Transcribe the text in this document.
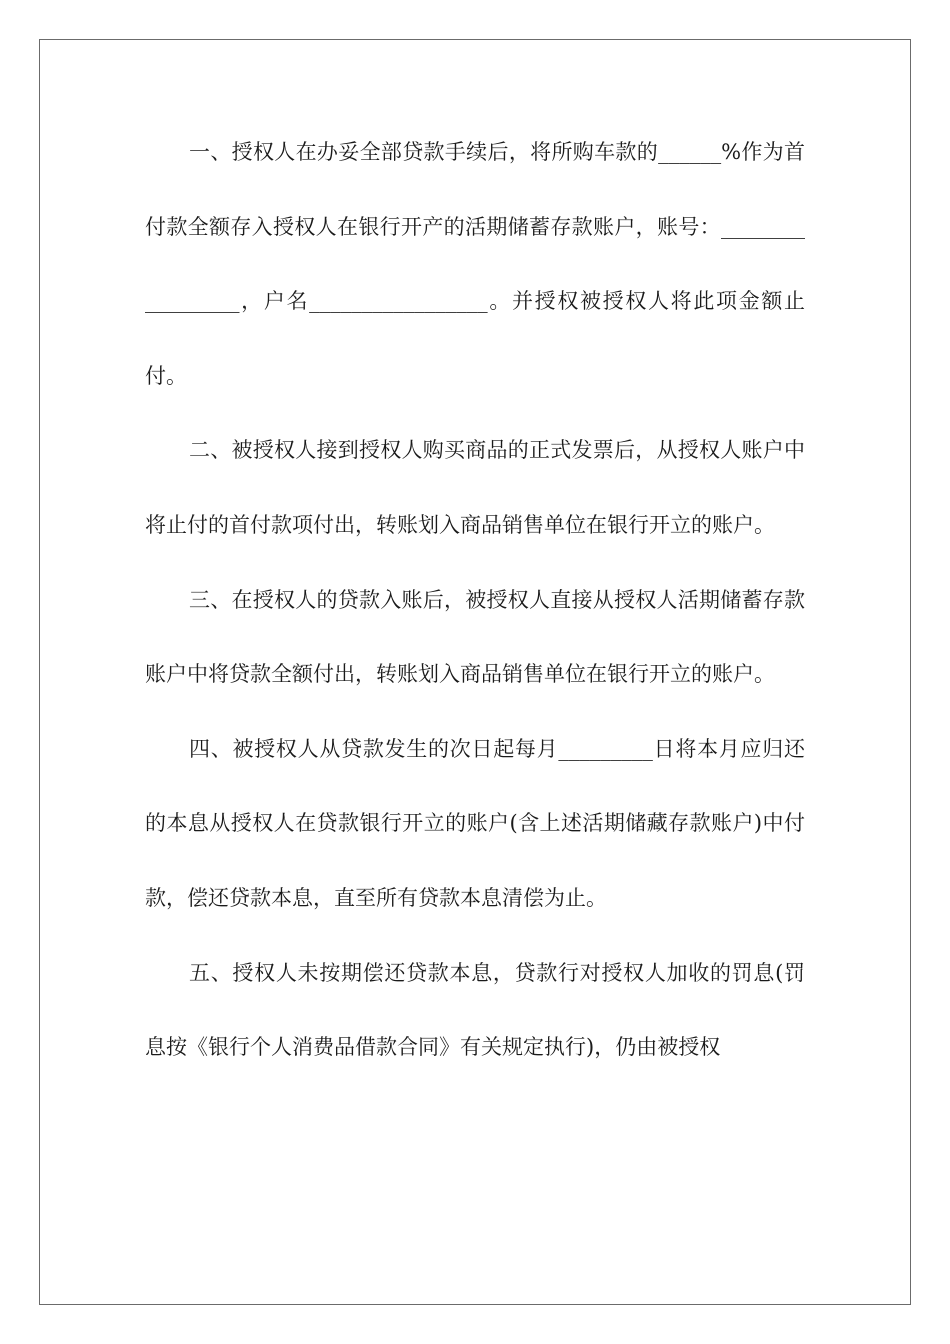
一、授权人在办妥全部贷款手续后，将所购车款的______%作为首付款全额存入授权人在银行开产的活期储蓄存款账户，账号：_________________，户名_________________。并授权被授权人将此项金额止付。

二、被授权人接到授权人购买商品的正式发票后，从授权人账户中将止付的首付款项付出，转账划入商品销售单位在银行开立的账户。

三、在授权人的贷款入账后，被授权人直接从授权人活期储蓄存款账户中将贷款全额付出，转账划入商品销售单位在银行开立的账户。

四、被授权人从贷款发生的次日起每月_________日将本月应归还的本息从授权人在贷款银行开立的账户(含上述活期储藏存款账户)中付款，偿还贷款本息，直至所有贷款本息清偿为止。

五、授权人未按期偿还贷款本息，贷款行对授权人加收的罚息(罚息按《银行个人消费品借款合同》有关规定执行)，仍由被授权
